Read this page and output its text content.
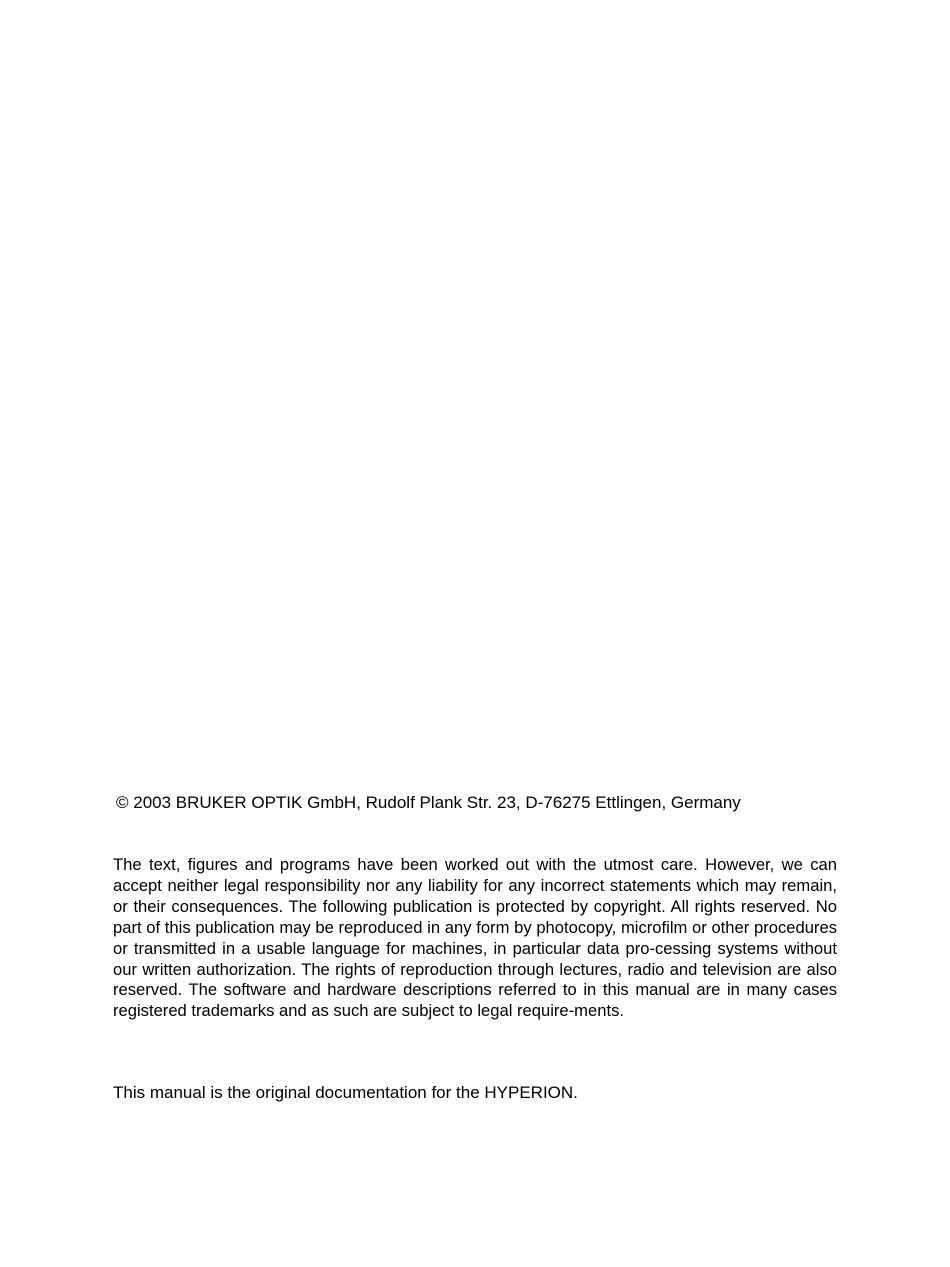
© 2003 BRUKER OPTIK GmbH, Rudolf Plank Str. 23, D-76275 Ettlingen, Germany

The text, figures and programs have been worked out with the utmost care. However, we can accept neither legal responsibility nor any liability for any incorrect statements which may remain, or their consequences. The following publication is protected by copyright. All rights reserved. No part of this publication may be reproduced in any form by photocopy, microfilm or other procedures or transmitted in a usable language for machines, in particular data pro-cessing systems without our written authorization. The rights of reproduction through lectures, radio and television are also reserved. The software and hardware descriptions referred to in this manual are in many cases registered trademarks and as such are subject to legal require-ments.

This manual is the original documentation for the HYPERION.
